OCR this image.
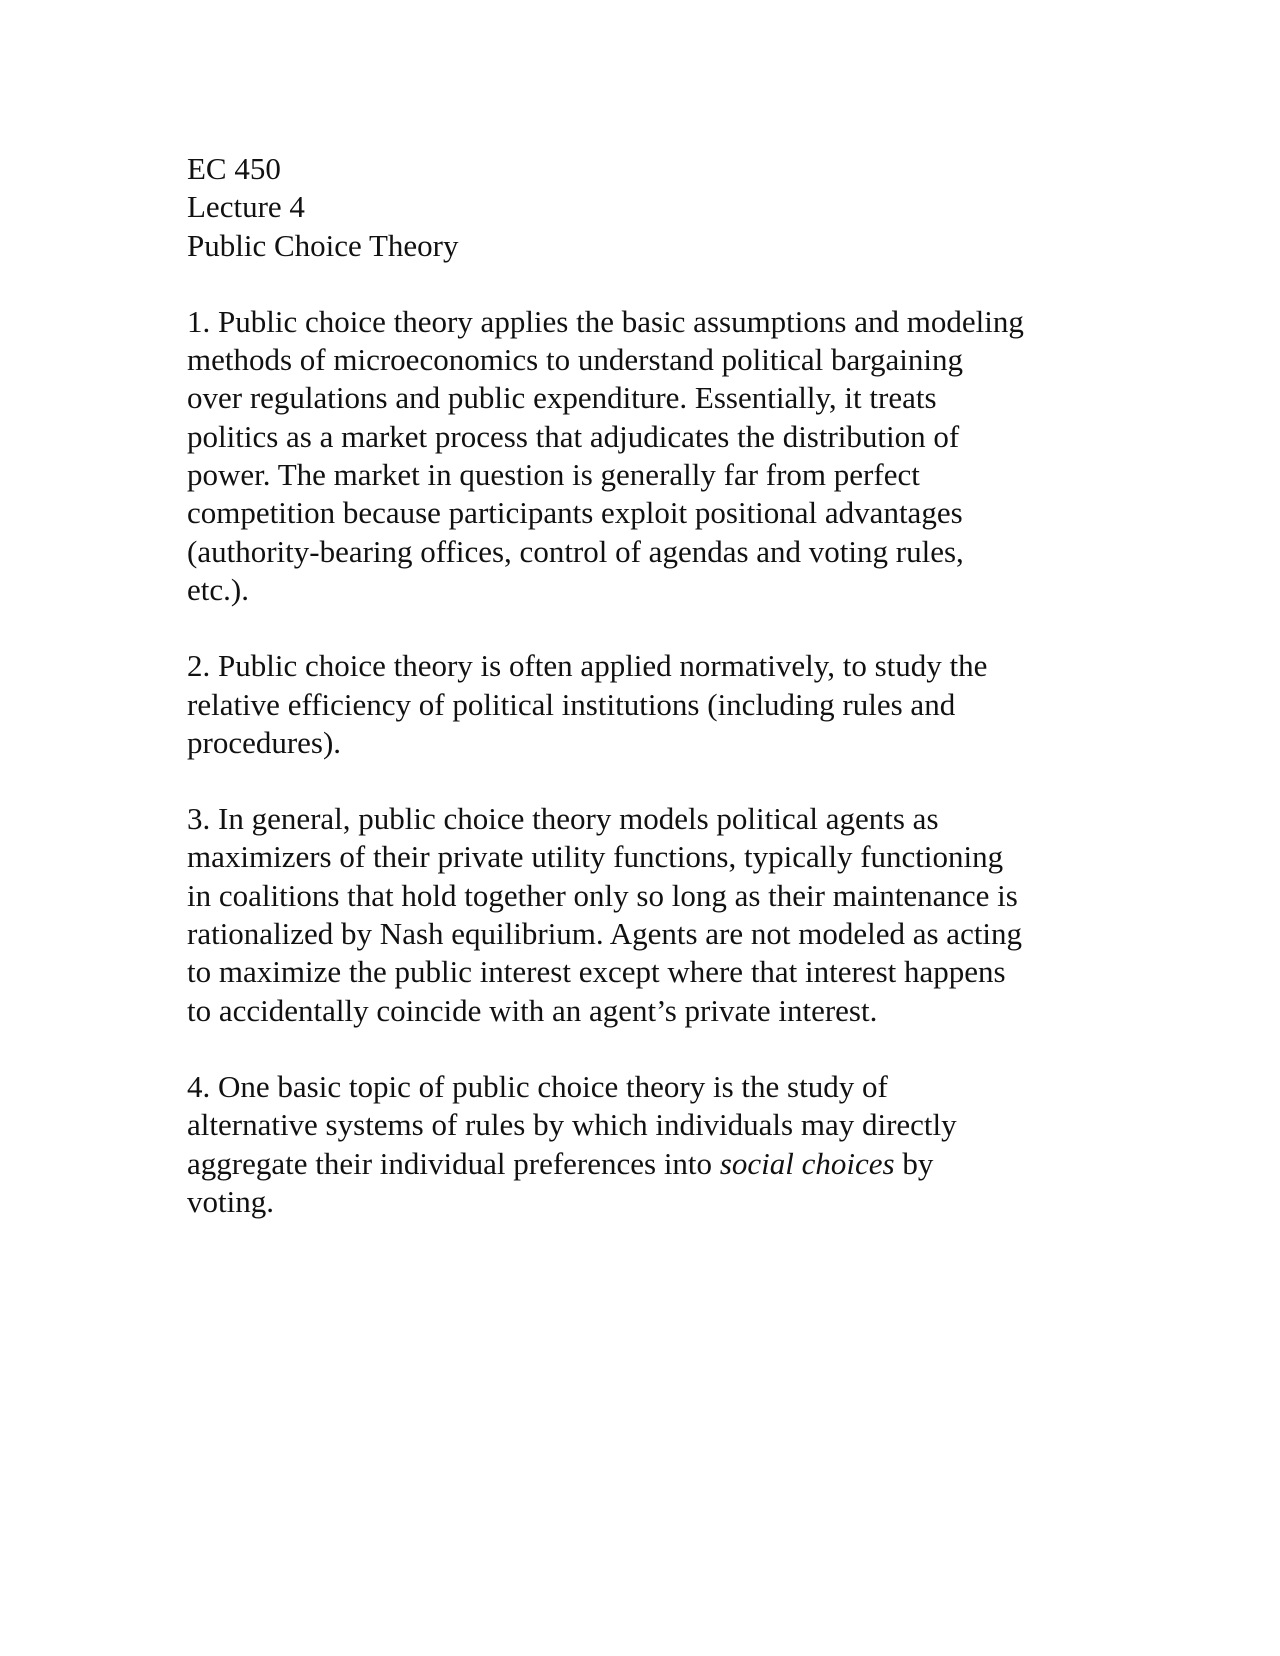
EC 450
Lecture 4
Public Choice Theory
1. Public choice theory applies the basic assumptions and modeling
methods of microeconomics to understand political bargaining
over regulations and public expenditure. Essentially, it treats
politics as a market process that adjudicates the distribution of
power. The market in question is generally far from perfect
competition because participants exploit positional advantages
(authority-bearing offices, control of agendas and voting rules,
etc.).
2. Public choice theory is often applied normatively, to study the
relative efficiency of political institutions (including rules and
procedures).
3. In general, public choice theory models political agents as
maximizers of their private utility functions, typically functioning
in coalitions that hold together only so long as their maintenance is
rationalized by Nash equilibrium. Agents are not modeled as acting
to maximize the public interest except where that interest happens
to accidentally coincide with an agent’s private interest.
4. One basic topic of public choice theory is the study of
alternative systems of rules by which individuals may directly
aggregate their individual preferences into social choices by
voting.
